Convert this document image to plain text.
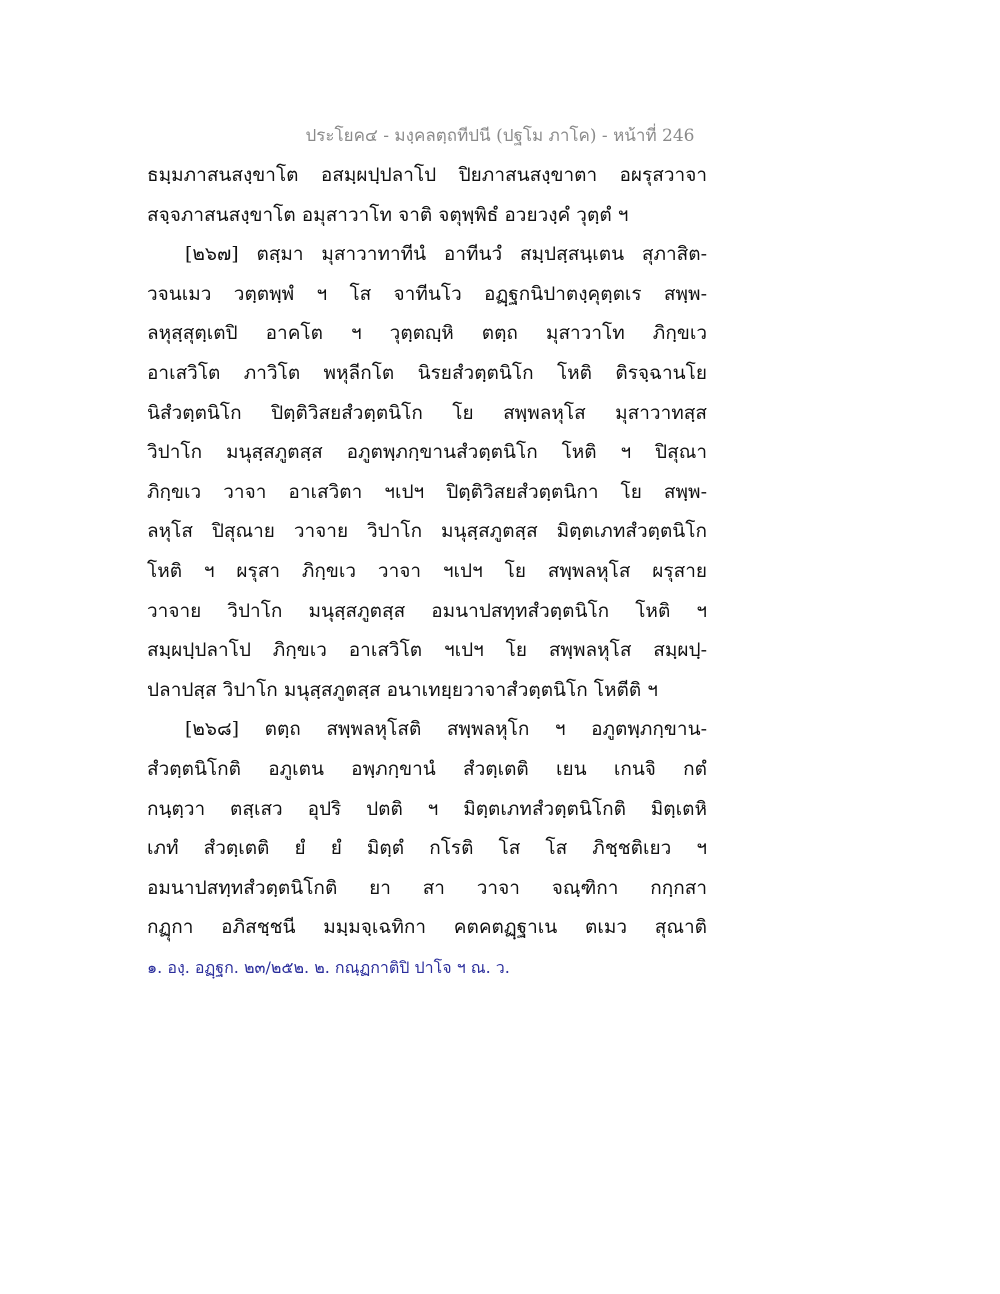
ประโยค๔ - มงฺคลตฺถทีปนี (ปฐโม ภาโค) - หน้าที่ 246
ธมฺมภาสนสงฺขาโต อสมฺผปฺปลาโป ปิยภาสนสงฺขาตา อผรุสวาจา
สจฺจภาสนสงฺขาโต อมุสาวาโท จาติ จตุพฺพิธํ อวยวงฺคํ วุตฺตํ ฯ
[๒๖๗] ตสฺมา มุสาวาทาทีนํ อาทีนวํ สมฺปสฺสนฺเตน สุภาสิต-
วจนเมว วตฺตพฺพํ ฯ โส จาทีนโว อฏฺฐกนิปาตงฺคุตฺตเร สพฺพ-
ลหุสฺสุตฺเตปิ อาคโต ฯ วุตฺตญฺหิ ตตฺถ มุสาวาโท ภิกฺขเว
อาเสวิโต ภาวิโต พหุลีกโต นิรยสํวตฺตนิโก โหติ ติรจฺฉานโย
นิสํวตฺตนิโก ปิตฺติวิสยสํวตฺตนิโก โย สพฺพลหุโส มุสาวาทสฺส
วิปาโก มนุสฺสภูตสฺส อภูตพฺภกฺขานสํวตฺตนิโก โหติ ฯ ปิสุณา
ภิกฺขเว วาจา อาเสวิตา ฯเปฯ ปิตฺติวิสยสํวตฺตนิกา โย สพฺพ-
ลหุโส ปิสุณาย วาจาย วิปาโก มนุสฺสภูตสฺส มิตฺตเภทสํวตฺตนิโก
โหติ ฯ ผรุสา ภิกฺขเว วาจา ฯเปฯ โย สพฺพลหุโส ผรุสาย
วาจาย วิปาโก มนุสฺสภูตสฺส อมนาปสทฺทสํวตฺตนิโก โหติ ฯ
สมฺผปฺปลาโป ภิกฺขเว อาเสวิโต ฯเปฯ โย สพฺพลหุโส สมฺผปฺ-
ปลาปสฺส วิปาโก มนุสฺสภูตสฺส อนาเทยฺยวาจาสํวตฺตนิโก โหตีติ ฯ
[๒๖๘] ตตฺถ สพฺพลหุโสติ สพฺพลหุโก ฯ อภูตพฺภกฺขาน-
สํวตฺตนิโกติ อภูเตน อพฺภกฺขานํ สํวตฺเตติ เยน เกนจิ กตํ
กนฺตฺวา ตสฺเสว อุปริ ปตติ ฯ มิตฺตเภทสํวตฺตนิโกติ มิตฺเตหิ
เภทํ สํวตฺเตติ ยํ ยํ มิตฺตํ กโรติ โส โส ภิชฺชติเยว ฯ
อมนาปสทฺทสํวตฺตนิโกติ ยา สา วาจา จณฺฑิกา กกฺกสา
กฏุกา อภิสชฺชนี มมฺมจฺเฉทิกา คตคตฏฺฐาเน ตเมว สุณาติ
๑. องฺ. อฏฺฐก. ๒๓/๒๕๒. ๒. กณฺฏกาติปิ ปาโจ ฯ ณ. ว.
